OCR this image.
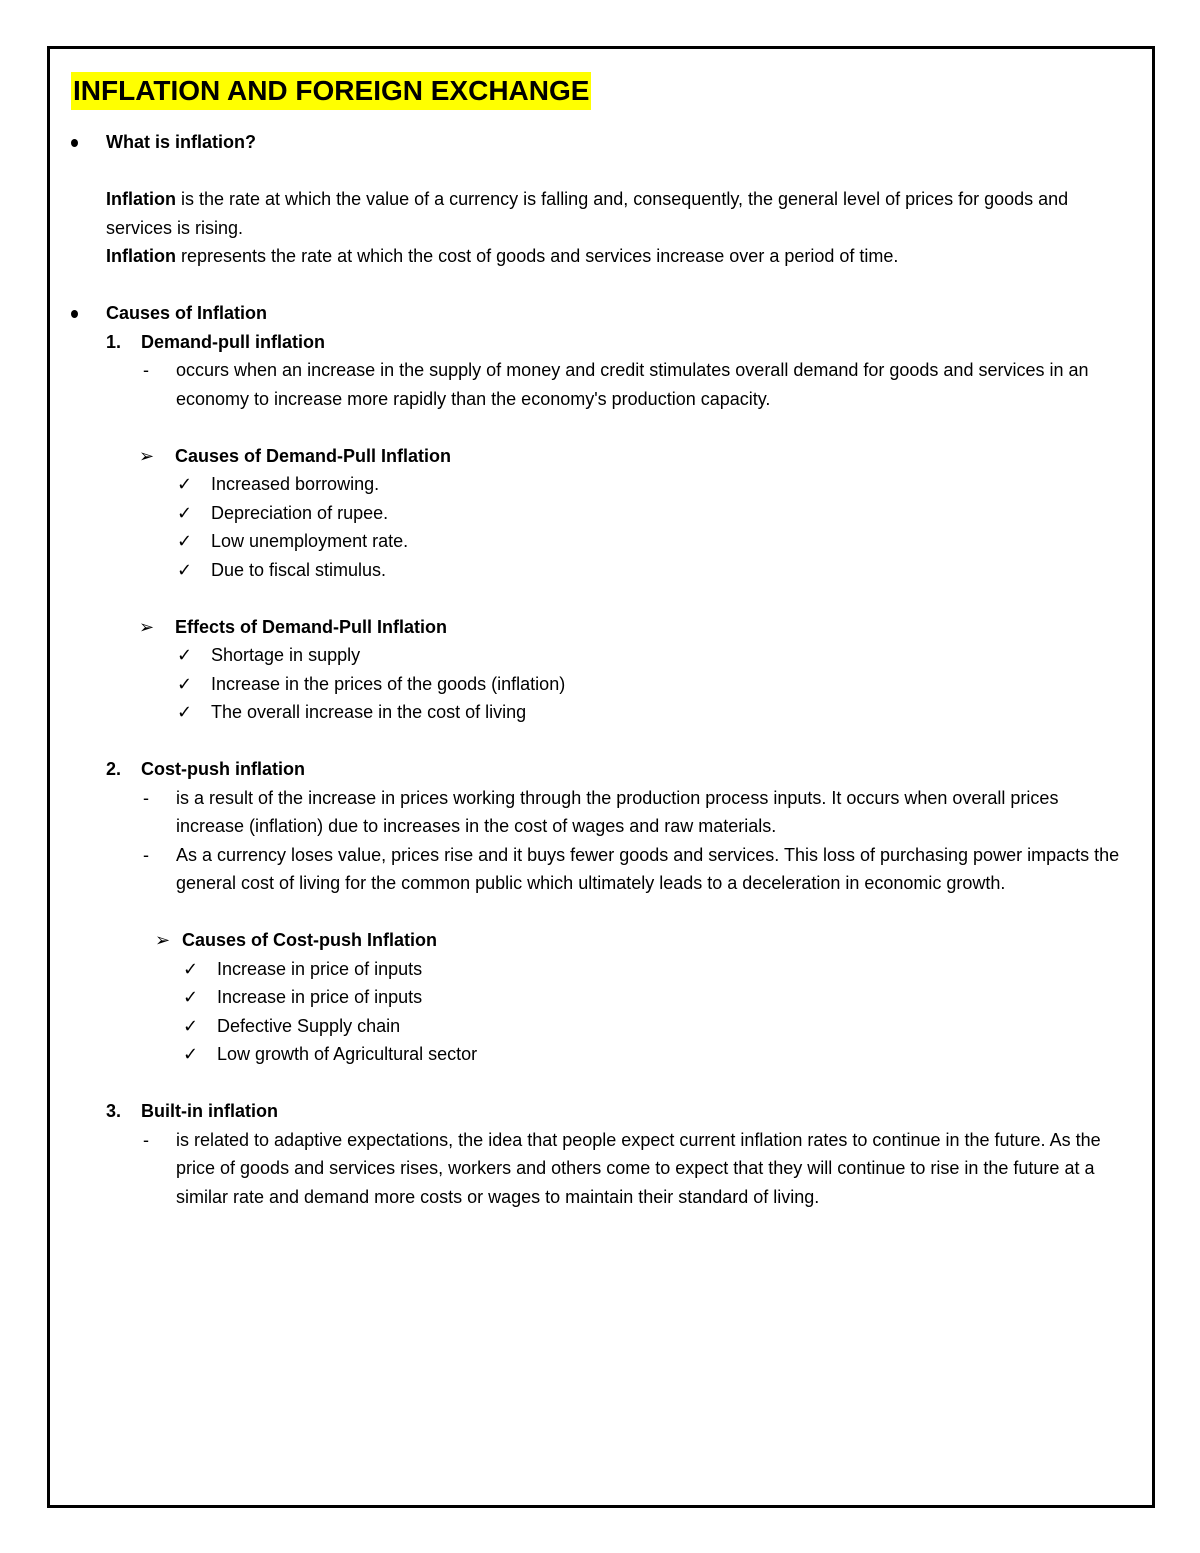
INFLATION AND FOREIGN EXCHANGE
What is inflation?
Inflation is the rate at which the value of a currency is falling and, consequently, the general level of prices for goods and services is rising.
Inflation represents the rate at which the cost of goods and services increase over a period of time.
Causes of Inflation
1. Demand-pull inflation
- occurs when an increase in the supply of money and credit stimulates overall demand for goods and services in an economy to increase more rapidly than the economy's production capacity.
➢ Causes of Demand-Pull Inflation
✓ Increased borrowing.
✓ Depreciation of rupee.
✓ Low unemployment rate.
✓ Due to fiscal stimulus.
➢ Effects of Demand-Pull Inflation
✓ Shortage in supply
✓ Increase in the prices of the goods (inflation)
✓ The overall increase in the cost of living
2. Cost-push inflation
- is a result of the increase in prices working through the production process inputs. It occurs when overall prices increase (inflation) due to increases in the cost of wages and raw materials.
- As a currency loses value, prices rise and it buys fewer goods and services. This loss of purchasing power impacts the general cost of living for the common public which ultimately leads to a deceleration in economic growth.
➢ Causes of Cost-push Inflation
✓ Increase in price of inputs
✓ Increase in price of inputs
✓ Defective Supply chain
✓ Low growth of Agricultural sector
3. Built-in inflation
- is related to adaptive expectations, the idea that people expect current inflation rates to continue in the future. As the price of goods and services rises, workers and others come to expect that they will continue to rise in the future at a similar rate and demand more costs or wages to maintain their standard of living.
